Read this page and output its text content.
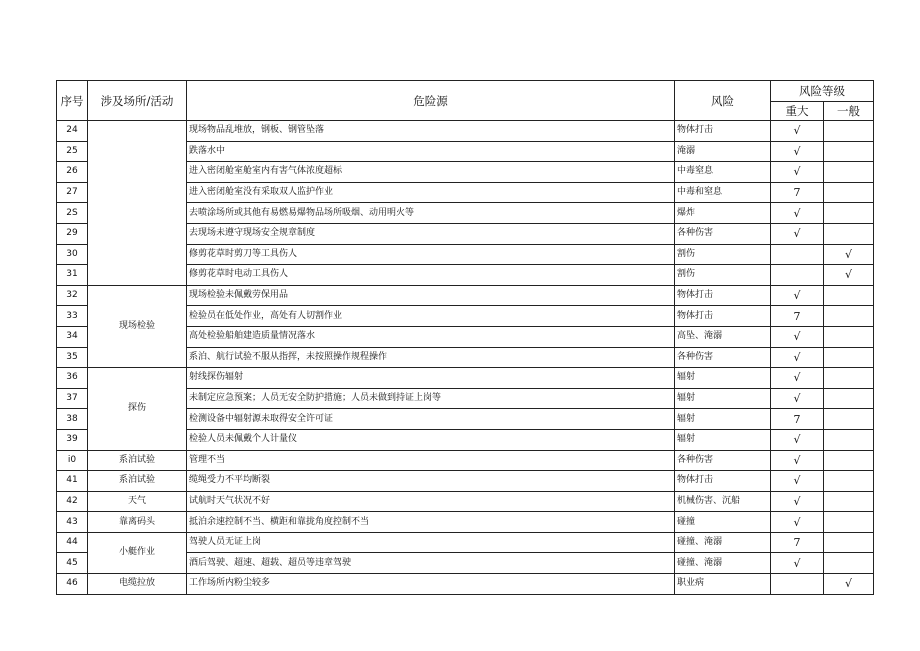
序号	涉及场所/活动	危险源	风险	风险等级	
				重大	一般
24		现场物品乱堆放，钢板、钢管坠落	物体打击	√	
25		跌落水中	淹溺	√	
26		进入密闭舱室舱室内有害气体浓度超标	中毒窒息	√	
27		进入密闭舱室没有采取双人监护作业	中毒和窒息	7	
2S		去喷涂场所或其他有易燃易爆物品场所吸烟、动用明火等	爆炸	√	
29		去现场未遵守现场安全规章制度	各种伤害	√	
30		修剪花草时剪刀等工具伤人	割伤		√
31		修剪花草时电动工具伤人	割伤		√
32	现场检验	现场检验未佩戴劳保用品	物体打击	√	
33		检验员在低处作业，高处有人切割作业	物体打击	7	
34		高处检验船舶建造质量情况落水	高坠、淹溺	√	
35		系泊、航行试验不服从指挥，未按照操作规程操作	各种伤害	√	
36	探伤	射线探伤辐射	辐射	√	
37		未制定应急预案；人员无安全防护措施；人员未做到持证上岗等	辐射	√	
38		检测设备中辐射源未取得安全许可证	辐射	7	
39		检验人员未佩戴个人计量仪	辐射	√	
i0	系泊试验	管理不当	各种伤害	√	
41	系泊试验	缆绳受力不平均断裂	物体打击	√	
42	天气	试航时天气状况不好	机械伤害、沉船	√	
43	靠离码头	抵泊余速控制不当、横距和靠拢角度控制不当	碰撞	√	
44	小艇作业	驾驶人员无证上岗	碰撞、淹溺	7	
45		酒后驾驶、超速、超载、超员等违章驾驶	碰撞、淹溺	√	
46	电缆拉放	工作场所内粉尘较多	职业病		√
